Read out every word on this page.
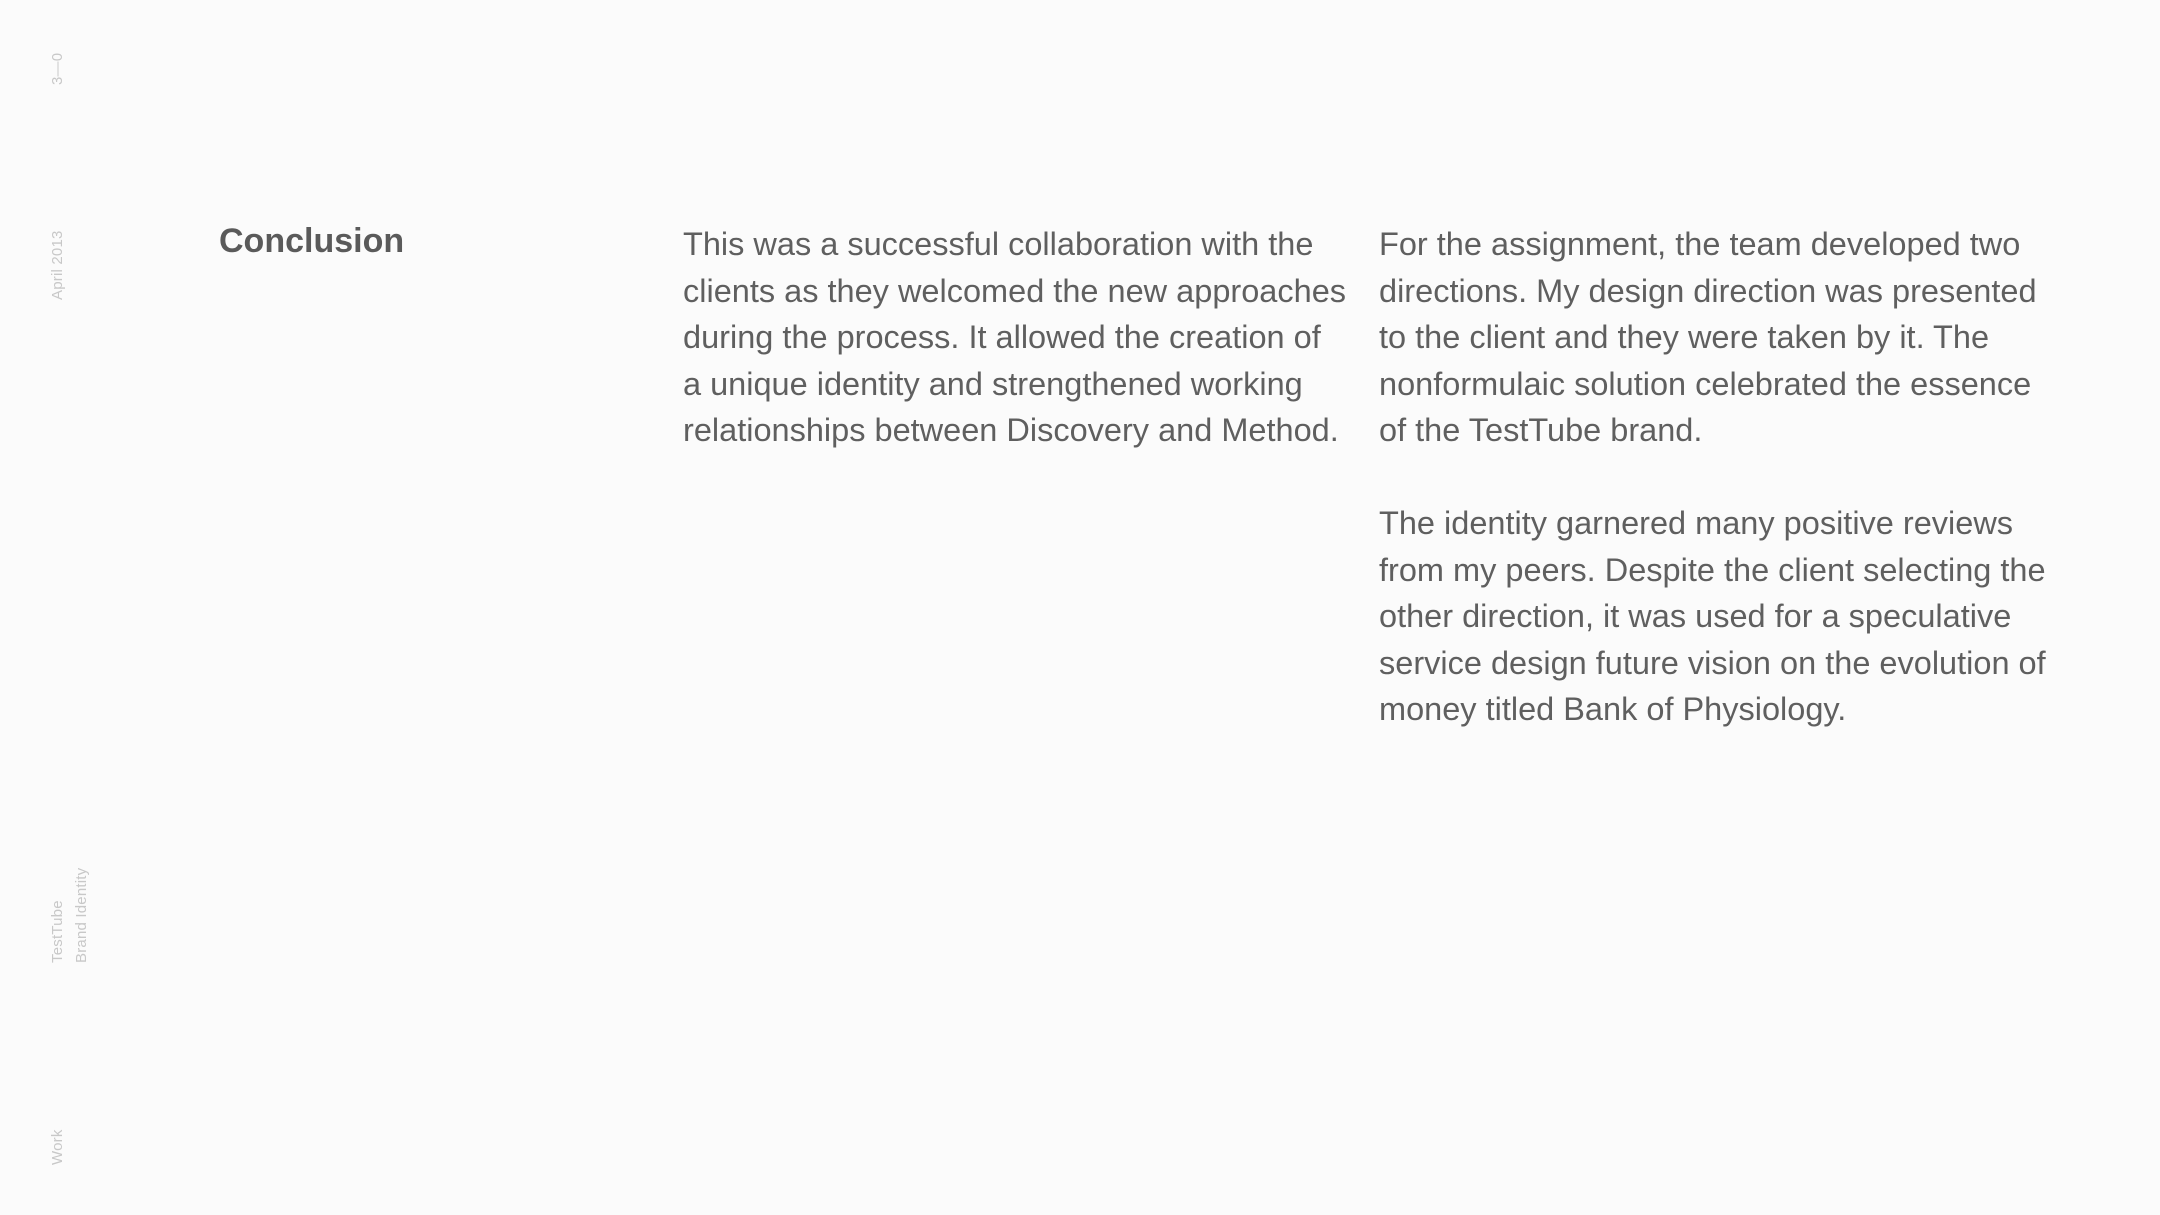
3—0
April 2013
TestTube Brand Identity
Work
Conclusion	This was a successful collaboration with the
clients as they welcomed the new approaches
during the process. It allowed the creation of
a unique identity and strengthened working
relationships between Discovery and Method.

For the assignment, the team developed two
directions. My design direction was presented
to the client and they were taken by it. The
nonformulaic solution celebrated the essence
of the TestTube brand.

The identity garnered many positive reviews
from my peers. Despite the client selecting the
other direction, it was used for a speculative
service design future vision on the evolution of
money titled Bank of Physiology.
